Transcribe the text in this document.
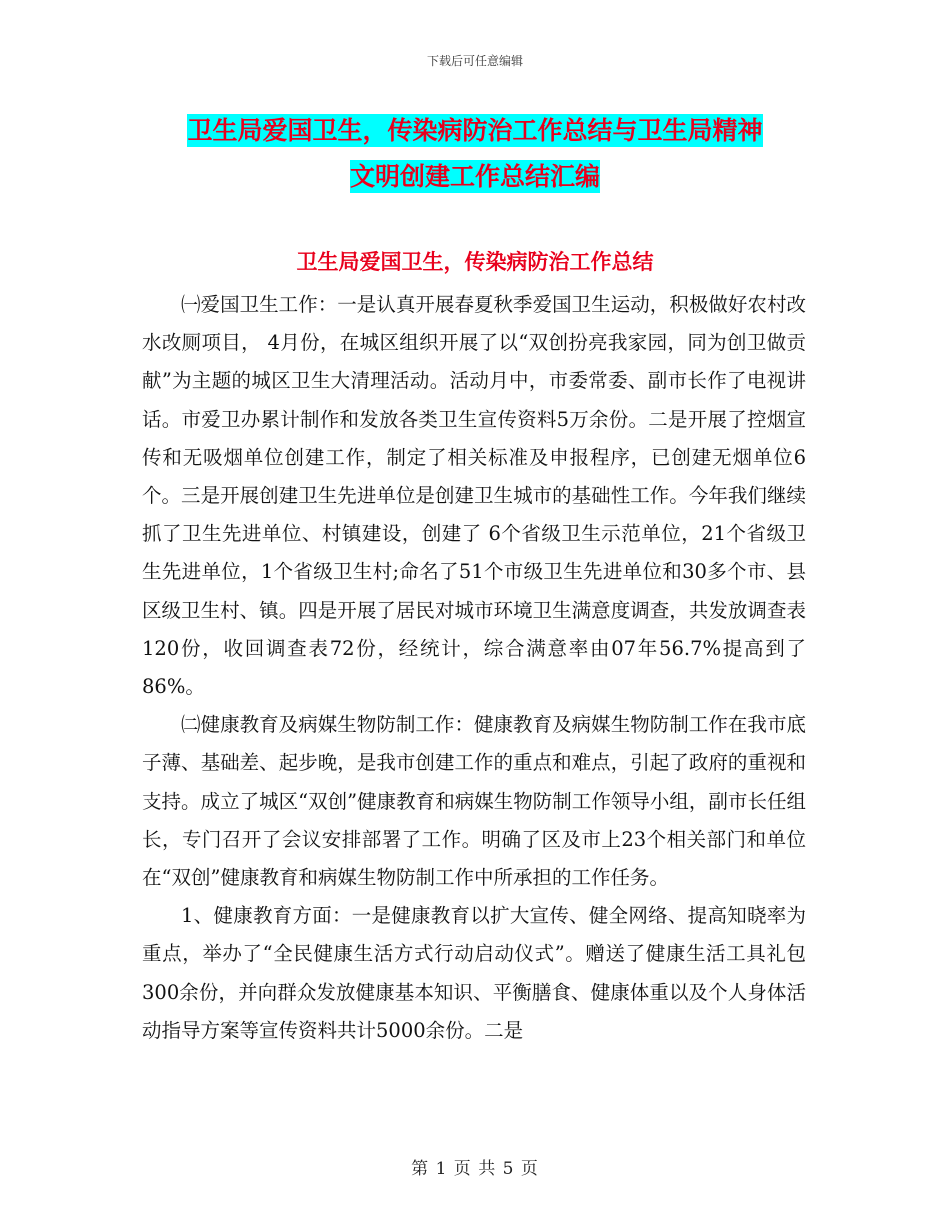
下载后可任意编辑
卫生局爱国卫生，传染病防治工作总结与卫生局精神
文明创建工作总结汇编
卫生局爱国卫生，传染病防治工作总结

㈠爱国卫生工作：一是认真开展春夏秋季爱国卫生运动，积极做好农村改水改厕项目， 4月份，在城区组织开展了以“双创扮亮我家园，同为创卫做贡献”为主题的城区卫生大清理活动。活动月中，市委常委、副市长作了电视讲话。市爱卫办累计制作和发放各类卫生宣传资料5万余份。二是开展了控烟宣传和无吸烟单位创建工作，制定了相关标准及申报程序，已创建无烟单位6个。三是开展创建卫生先进单位是创建卫生城市的基础性工作。今年我们继续抓了卫生先进单位、村镇建设，创建了 6个省级卫生示范单位，21个省级卫生先进单位，1个省级卫生村;命名了51个市级卫生先进单位和30多个市、县区级卫生村、镇。四是开展了居民对城市环境卫生满意度调查，共发放调查表120份，收回调查表72份，经统计，综合满意率由07年56.7%提高到了86%。

㈡健康教育及病媒生物防制工作：健康教育及病媒生物防制工作在我市底子薄、基础差、起步晚，是我市创建工作的重点和难点，引起了政府的重视和支持。成立了城区“双创”健康教育和病媒生物防制工作领导小组，副市长任组长，专门召开了会议安排部署了工作。明确了区及市上23个相关部门和单位在“双创”健康教育和病媒生物防制工作中所承担的工作任务。

1、健康教育方面：一是健康教育以扩大宣传、健全网络、提高知晓率为重点，举办了“全民健康生活方式行动启动仪式”。赠送了健康生活工具礼包300余份，并向群众发放健康基本知识、平衡膳食、健康体重以及个人身体活动指导方案等宣传资料共计5000余份。二是

第 1 页 共 5 页
